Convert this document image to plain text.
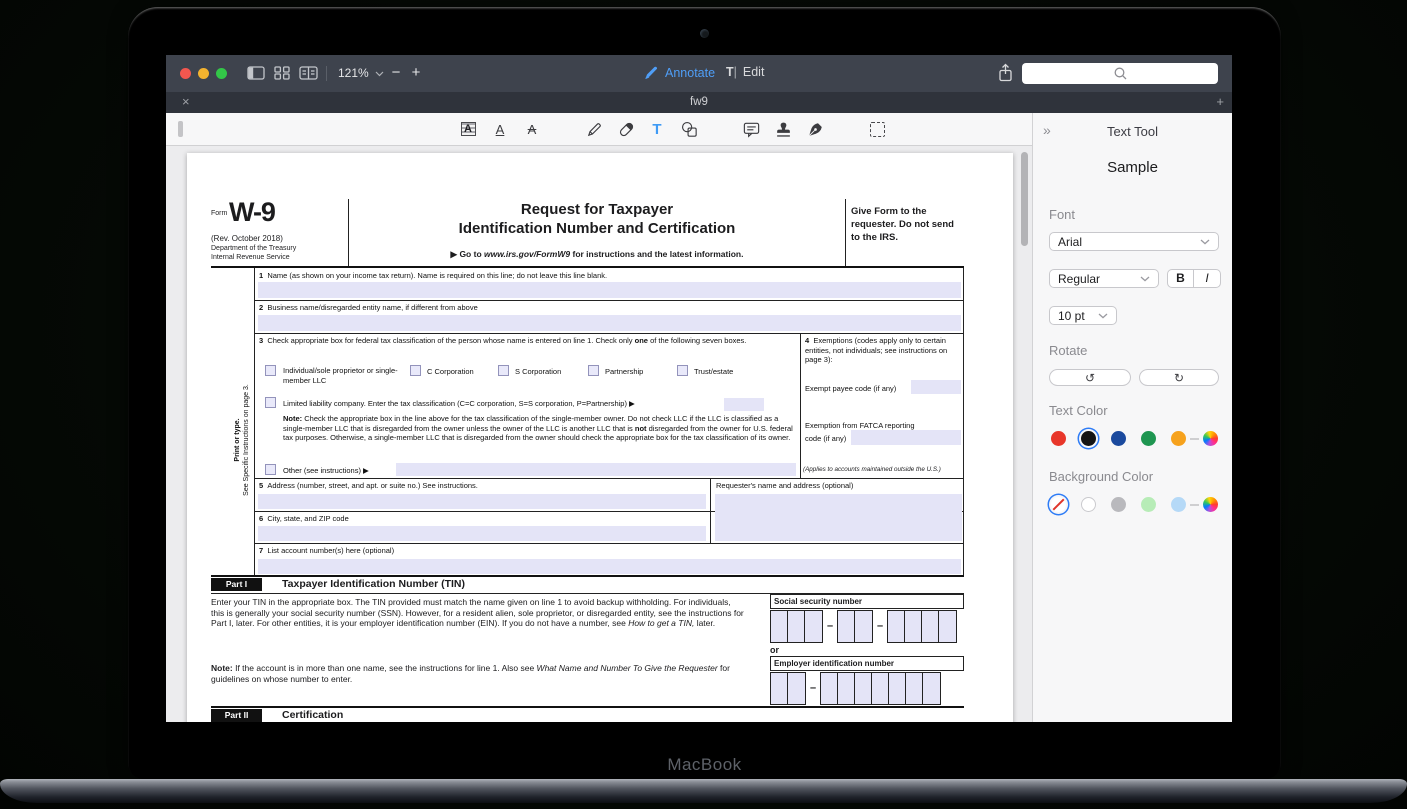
121%	− +	Annotate T| Edit
×	fw9	+
A A A	T
Form W-9
(Rev. October 2018)
Department of the Treasury
Internal Revenue Service
Request for Taxpayer
Identification Number and Certification
▶ Go to www.irs.gov/FormW9 for instructions and the latest information.
Give Form to the requester. Do not send to the IRS.
Print or type. See Specific Instructions on page 3.
1 Name (as shown on your income tax return). Name is required on this line; do not leave this line blank.
2 Business name/disregarded entity name, if different from above
3 Check appropriate box for federal tax classification of the person whose name is entered on line 1. Check only one of the following seven boxes.
Individual/sole proprietor or single-member LLC
C Corporation	S Corporation	Partnership	Trust/estate
Limited liability company. Enter the tax classification (C=C corporation, S=S corporation, P=Partnership) ▶
Note: Check the appropriate box in the line above for the tax classification of the single-member owner. Do not check LLC if the LLC is classified as a single-member LLC that is disregarded from the owner unless the owner of the LLC is another LLC that is not disregarded from the owner for U.S. federal tax purposes. Otherwise, a single-member LLC that is disregarded from the owner should check the appropriate box for the tax classification of its owner.
Other (see instructions) ▶
4 Exemptions (codes apply only to certain entities, not individuals; see instructions on page 3):
Exempt payee code (if any)
Exemption from FATCA reporting
code (if any)
(Applies to accounts maintained outside the U.S.)
5 Address (number, street, and apt. or suite no.) See instructions.	Requester's name and address (optional)
6 City, state, and ZIP code
7 List account number(s) here (optional)
Part I	Taxpayer Identification Number (TIN)
Enter your TIN in the appropriate box. The TIN provided must match the name given on line 1 to avoid backup withholding. For individuals, this is generally your social security number (SSN). However, for a resident alien, sole proprietor, or disregarded entity, see the instructions for Part I, later. For other entities, it is your employer identification number (EIN). If you do not have a number, see How to get a TIN, later.
Note: If the account is in more than one name, see the instructions for line 1. Also see What Name and Number To Give the Requester for guidelines on whose number to enter.
Social security number
–	–
or
Employer identification number
–
Part II	Certification
»	Text Tool
Sample
Font
Arial
Regular	B	I
10 pt
Rotate
↺	↻
Text Color
Background Color
MacBook
